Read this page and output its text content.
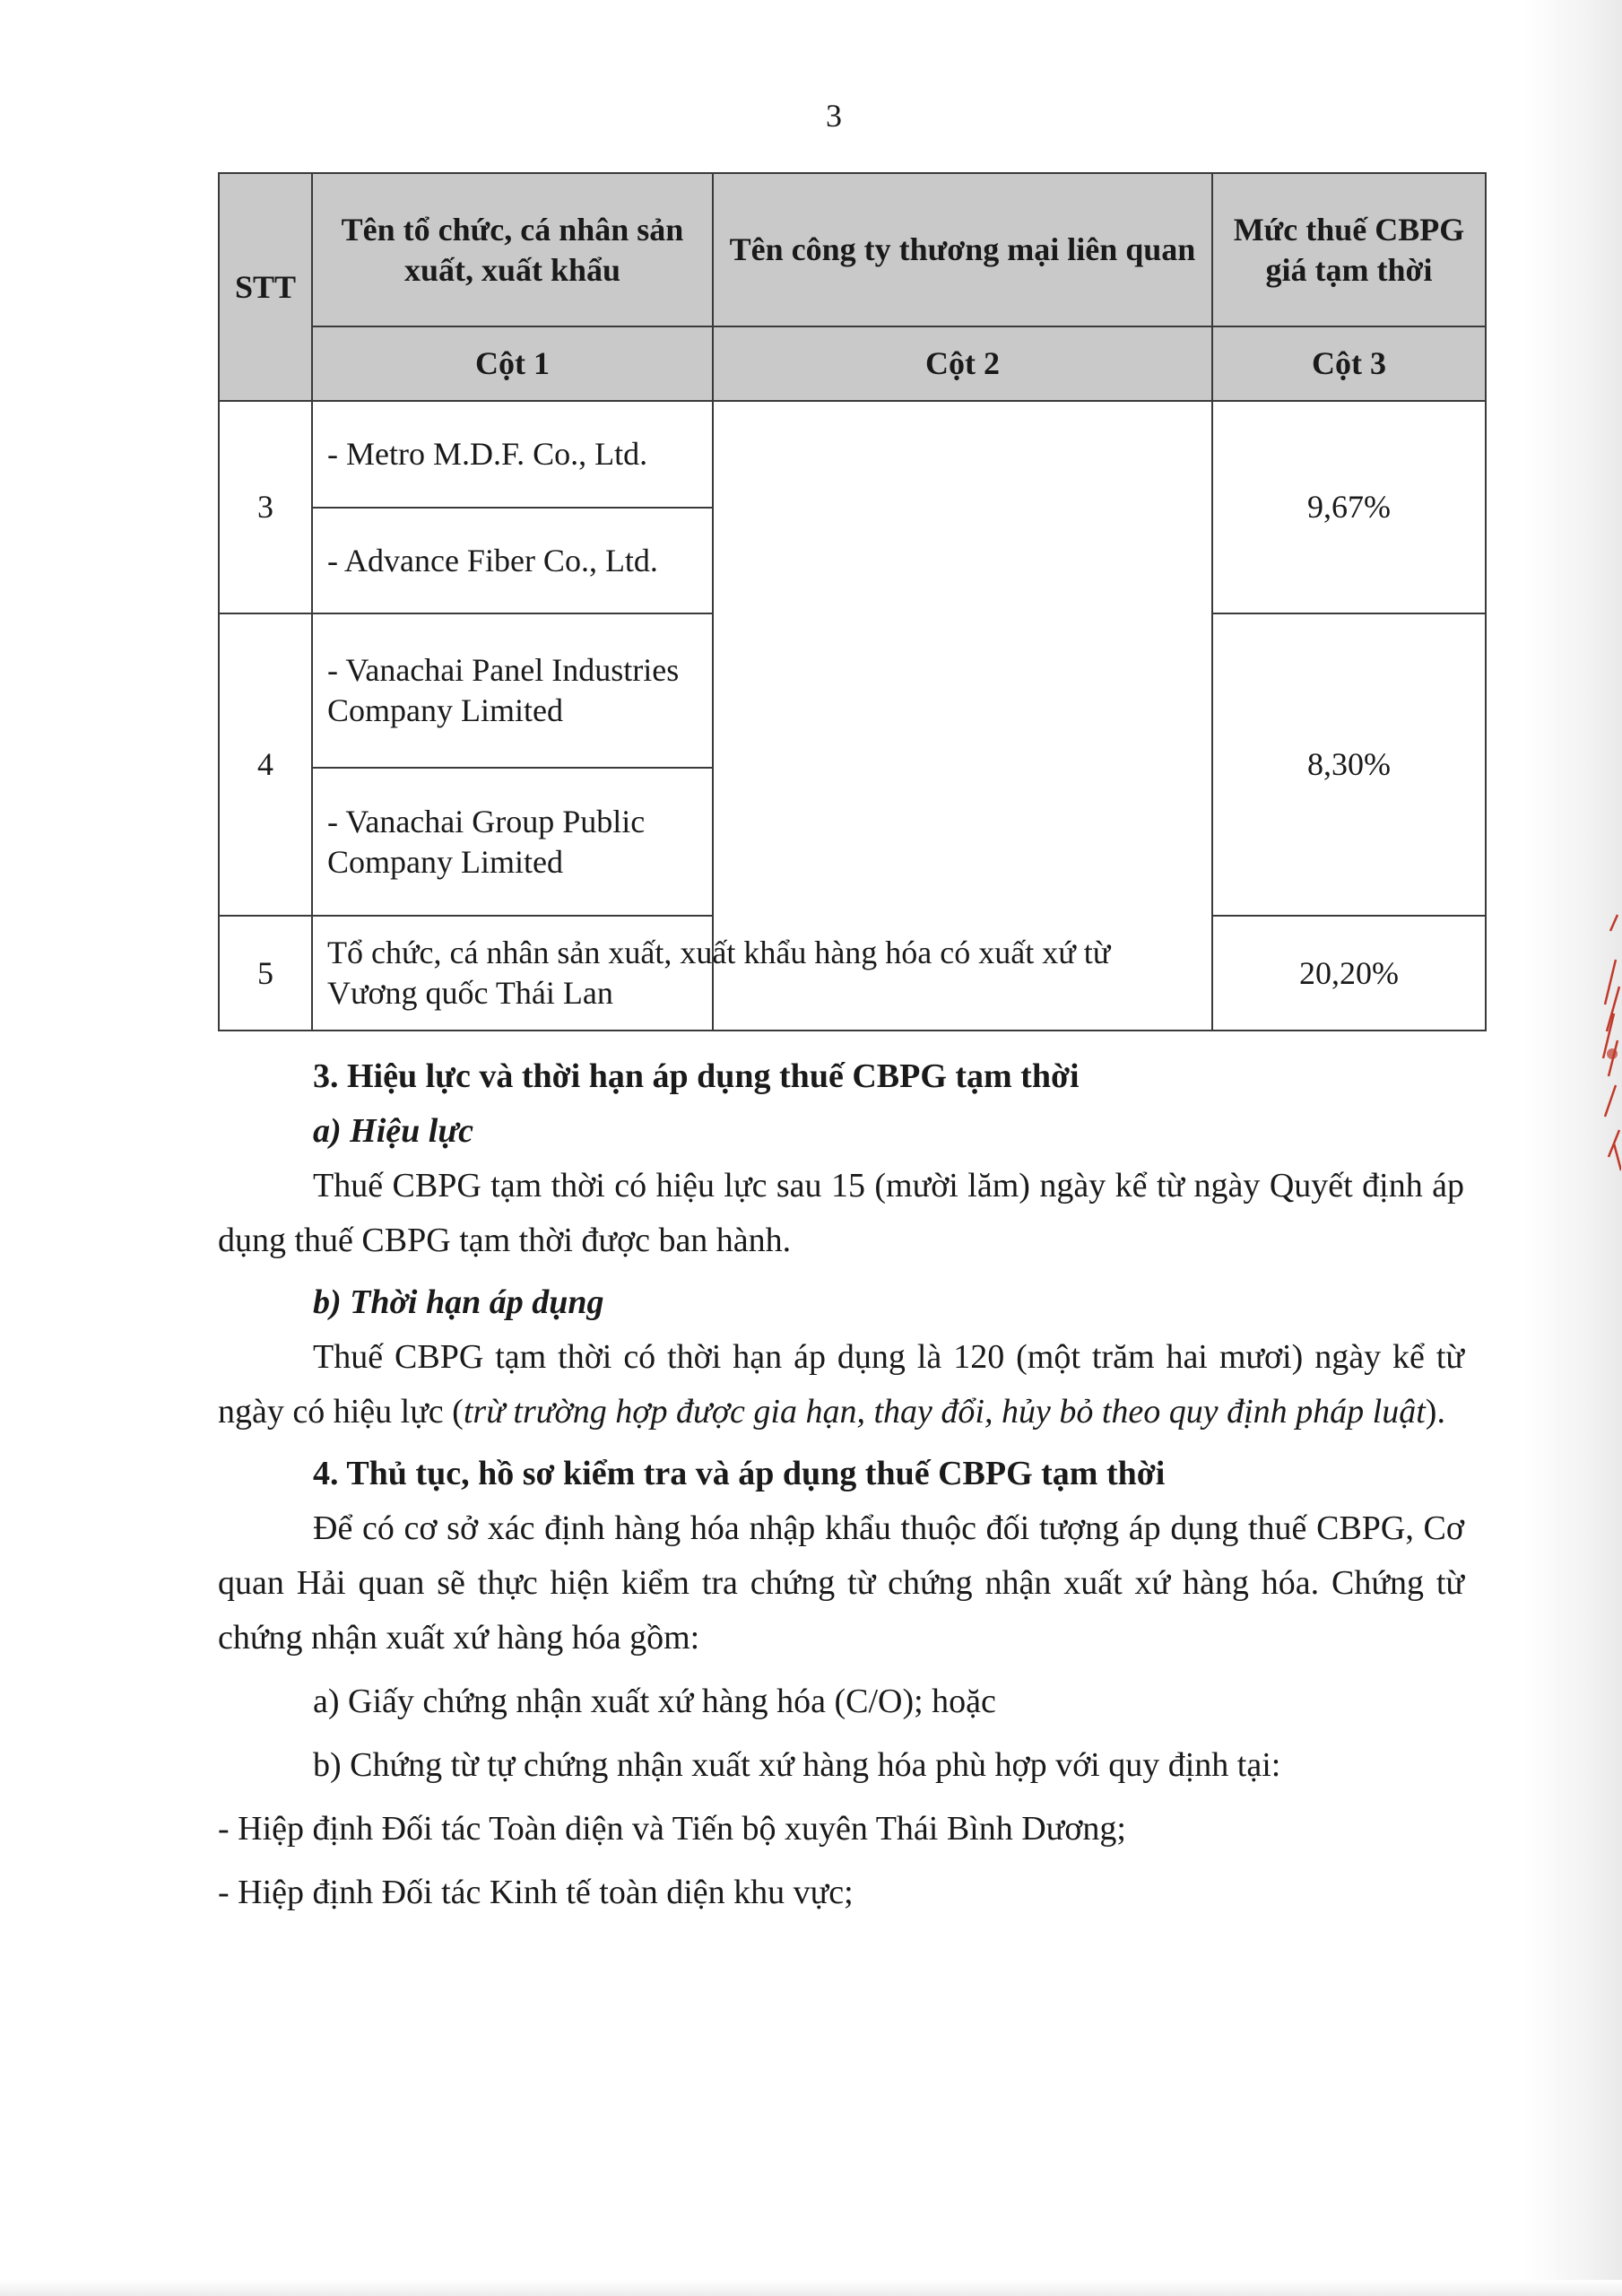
3
STT	Tên tổ chức, cá nhân sản xuất, xuất khẩu	Tên công ty thương mại liên quan	Mức thuế CBPG giá tạm thời
	Cột 1	Cột 2	Cột 3
3	- Metro M.D.F. Co., Ltd.		9,67%
	- Advance Fiber Co., Ltd.		
4	- Vanachai Panel Industries Company Limited		8,30%
	- Vanachai Group Public Company Limited		
5	Tổ chức, cá nhân sản xuất, xuất khẩu hàng hóa có xuất xứ từ Vương quốc Thái Lan		20,20%

3. Hiệu lực và thời hạn áp dụng thuế CBPG tạm thời

a) Hiệu lực

Thuế CBPG tạm thời có hiệu lực sau 15 (mười lăm) ngày kể từ ngày Quyết định áp dụng thuế CBPG tạm thời được ban hành.

b) Thời hạn áp dụng

Thuế CBPG tạm thời có thời hạn áp dụng là 120 (một trăm hai mươi) ngày kể từ ngày có hiệu lực (trừ trường hợp được gia hạn, thay đổi, hủy bỏ theo quy định pháp luật).

4. Thủ tục, hồ sơ kiểm tra và áp dụng thuế CBPG tạm thời

Để có cơ sở xác định hàng hóa nhập khẩu thuộc đối tượng áp dụng thuế CBPG, Cơ quan Hải quan sẽ thực hiện kiểm tra chứng từ chứng nhận xuất xứ hàng hóa. Chứng từ chứng nhận xuất xứ hàng hóa gồm:

a) Giấy chứng nhận xuất xứ hàng hóa (C/O); hoặc

b) Chứng từ tự chứng nhận xuất xứ hàng hóa phù hợp với quy định tại:

- Hiệp định Đối tác Toàn diện và Tiến bộ xuyên Thái Bình Dương;

- Hiệp định Đối tác Kinh tế toàn diện khu vực;
